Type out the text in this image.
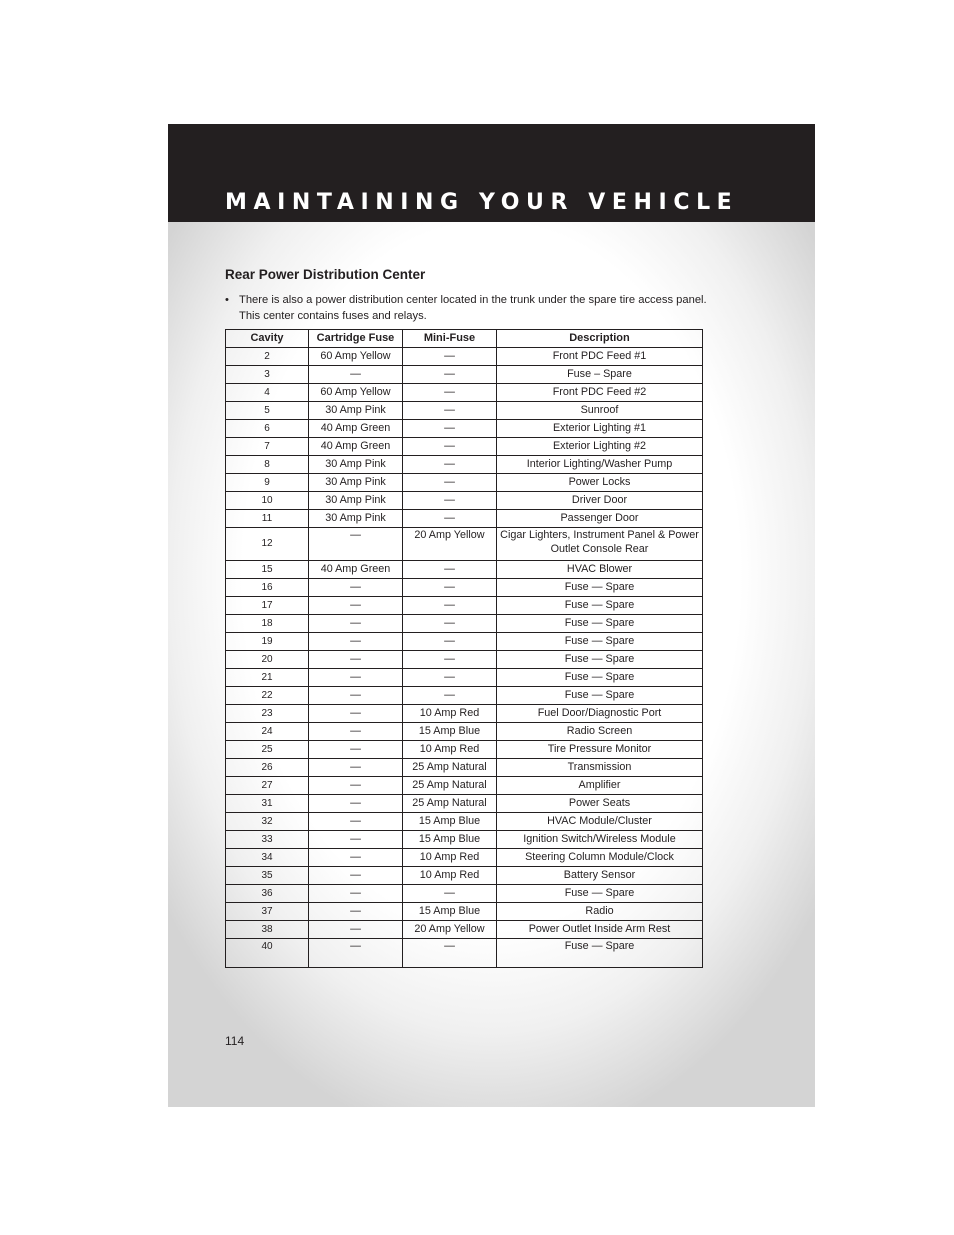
MAINTAINING YOUR VEHICLE
Rear Power Distribution Center

• There is also a power distribution center located in the trunk under the spare tire access panel. This center contains fuses and relays.

Cavity	Cartridge Fuse	Mini-Fuse	Description
2	60 Amp Yellow	—	Front PDC Feed #1
3	—	—	Fuse – Spare
4	60 Amp Yellow	—	Front PDC Feed #2
5	30 Amp Pink	—	Sunroof
6	40 Amp Green	—	Exterior Lighting #1
7	40 Amp Green	—	Exterior Lighting #2
8	30 Amp Pink	—	Interior Lighting/Washer Pump
9	30 Amp Pink	—	Power Locks
10	30 Amp Pink	—	Driver Door
11	30 Amp Pink	—	Passenger Door
12	—	20 Amp Yellow	Cigar Lighters, Instrument Panel & Power Outlet Console Rear
15	40 Amp Green	—	HVAC Blower
16	—	—	Fuse — Spare
17	—	—	Fuse — Spare
18	—	—	Fuse — Spare
19	—	—	Fuse — Spare
20	—	—	Fuse — Spare
21	—	—	Fuse — Spare
22	—	—	Fuse — Spare
23	—	10 Amp Red	Fuel Door/Diagnostic Port
24	—	15 Amp Blue	Radio Screen
25	—	10 Amp Red	Tire Pressure Monitor
26	—	25 Amp Natural	Transmission
27	—	25 Amp Natural	Amplifier
31	—	25 Amp Natural	Power Seats
32	—	15 Amp Blue	HVAC Module/Cluster
33	—	15 Amp Blue	Ignition Switch/Wireless Module
34	—	10 Amp Red	Steering Column Module/Clock
35	—	10 Amp Red	Battery Sensor
36	—	—	Fuse — Spare
37	—	15 Amp Blue	Radio
38	—	20 Amp Yellow	Power Outlet Inside Arm Rest
40	—	—	Fuse — Spare

114
